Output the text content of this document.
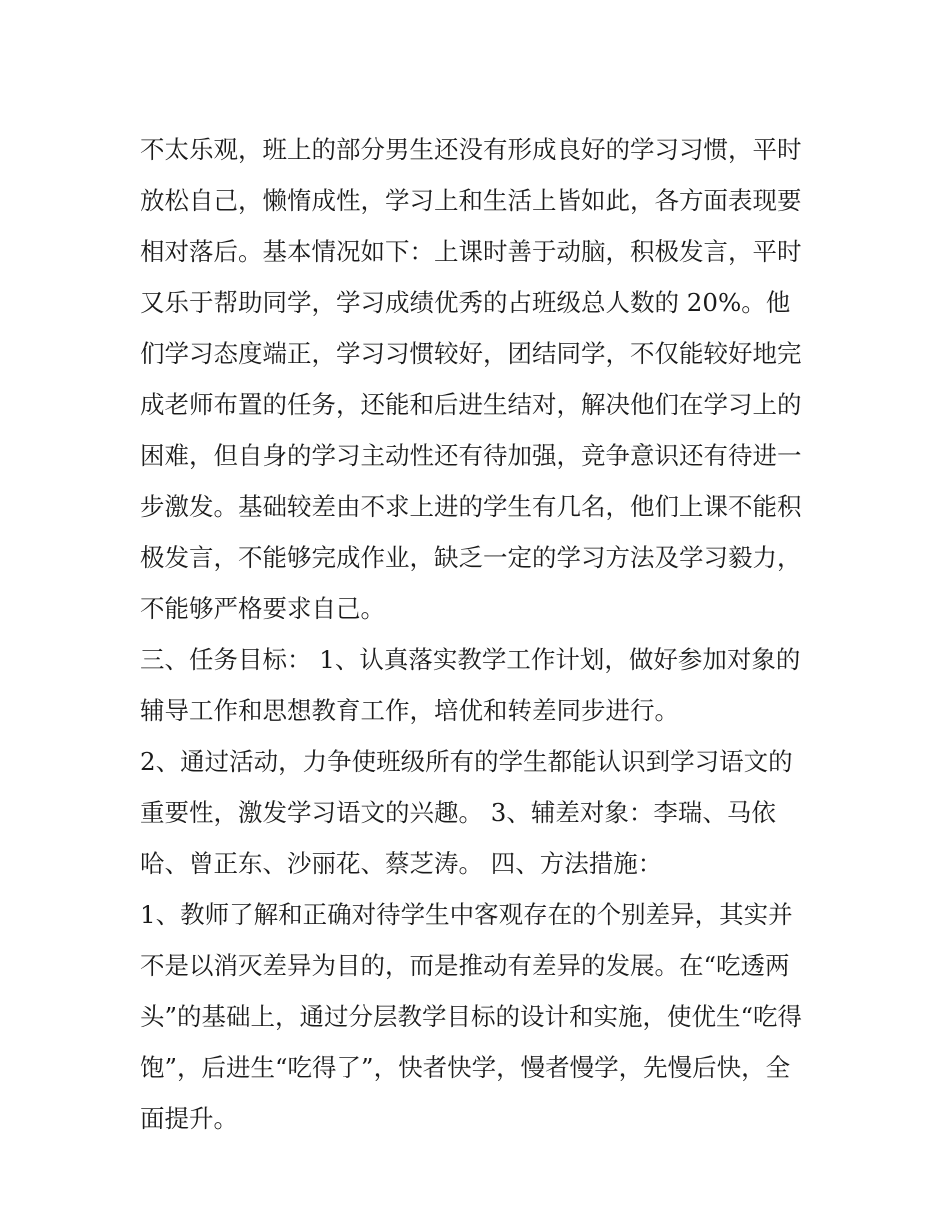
不太乐观，班上的部分男生还没有形成良好的学习习惯，平时
放松自己，懒惰成性，学习上和生活上皆如此，各方面表现要
相对落后。基本情况如下：上课时善于动脑，积极发言，平时
又乐于帮助同学，学习成绩优秀的占班级总人数的 20%。他
们学习态度端正，学习习惯较好，团结同学，不仅能较好地完
成老师布置的任务，还能和后进生结对，解决他们在学习上的
困难，但自身的学习主动性还有待加强，竞争意识还有待进一
步激发。基础较差由不求上进的学生有几名，他们上课不能积
极发言，不能够完成作业，缺乏一定的学习方法及学习毅力，
不能够严格要求自己。
三、任务目标： 1、认真落实教学工作计划，做好参加对象的
辅导工作和思想教育工作，培优和转差同步进行。
2、通过活动，力争使班级所有的学生都能认识到学习语文的
重要性，激发学习语文的兴趣。 3、辅差对象：李瑞、马依
哈、曾正东、沙丽花、蔡芝涛。 四、方法措施：
1、教师了解和正确对待学生中客观存在的个别差异，其实并
不是以消灭差异为目的，而是推动有差异的发展。在“吃透两
头”的基础上，通过分层教学目标的设计和实施，使优生“吃得
饱”，后进生“吃得了”，快者快学，慢者慢学，先慢后快，全
面提升。
